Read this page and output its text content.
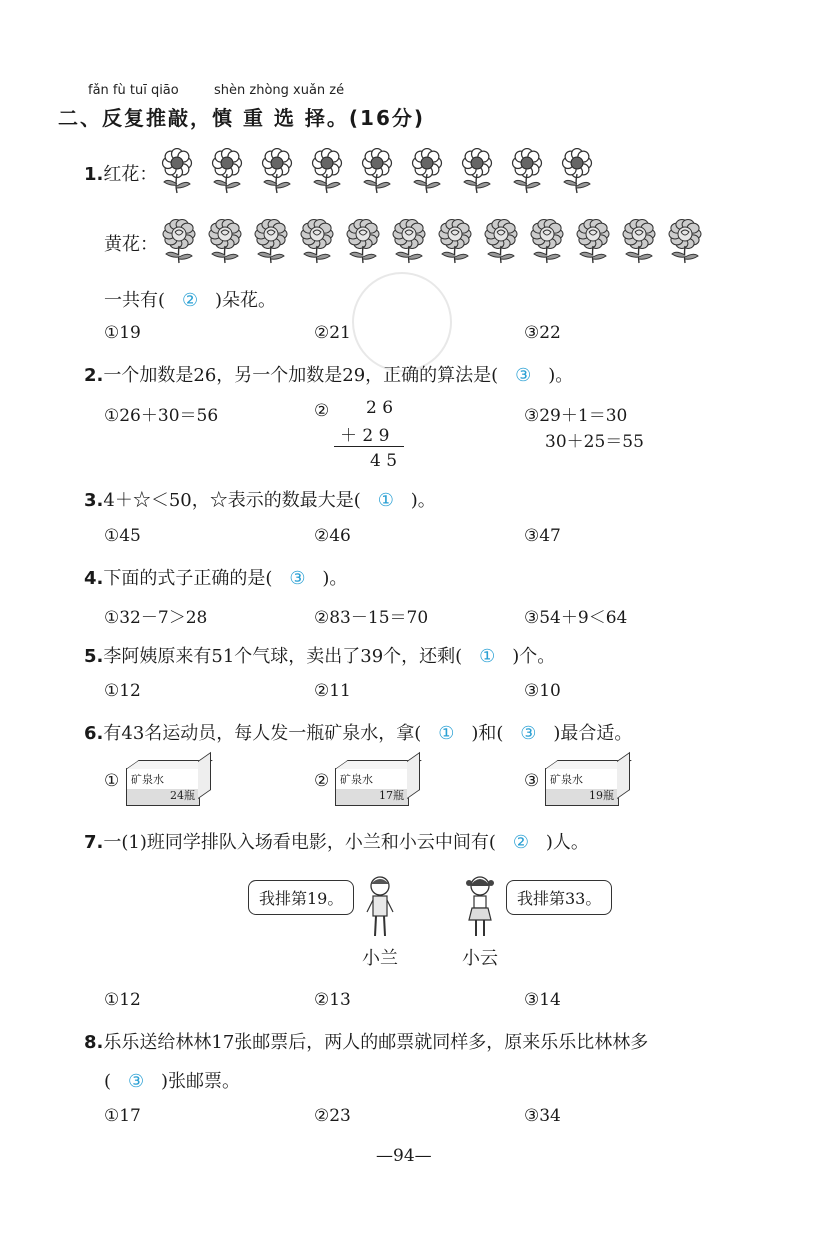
fǎn fù tuī qiāo	shèn zhòng xuǎn zé
二、反复推敲，慎 重 选 择。(16分)
1.红花：
黄花：
一共有( ② )朵花。
①19	②21	③22
2.一个加数是26，另一个加数是29，正确的算法是( ③ )。
①26＋30＝56	② 2 6
＋ 2 9
4 5
③29＋1＝30
30＋25＝55
3.4＋☆＜50，☆表示的数最大是( ① )。
①45	②46	③47
4.下面的式子正确的是( ③ )。
①32－7＞28	②83－15＝70	③54＋9＜64
5.李阿姨原来有51个气球，卖出了39个，还剩( ① )个。
①12	②11	③10
6.有43名运动员，每人发一瓶矿泉水，拿( ① )和( ③ )最合适。
① 矿泉水
24瓶
② 矿泉水
17瓶
③ 矿泉水
19瓶
7.一(1)班同学排队入场看电影，小兰和小云中间有( ② )人。
我排第19。	我排第33。
小兰	小云
①12	②13	③14
8.乐乐送给林林17张邮票后，两人的邮票就同样多，原来乐乐比林林多
( ③ )张邮票。
①17	②23	③34
—94—
